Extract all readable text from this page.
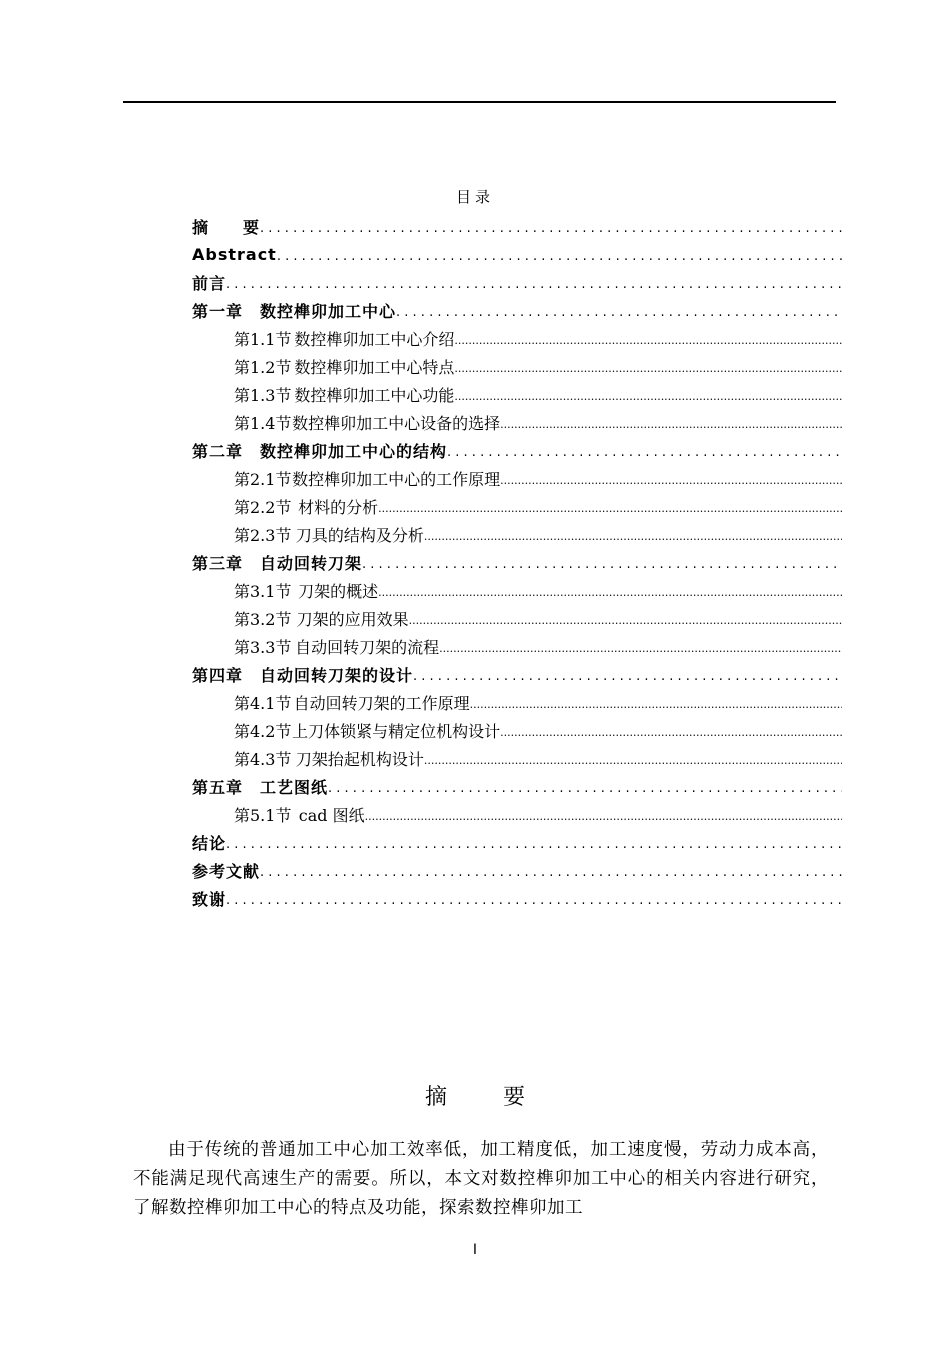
目录
摘　　要
. . .
Abstract
. . .
前言
. . .
第一章　数控榫卯加工中心
. . .
第1.1 节 数控榫卯加工中心介绍
.....
第1.2 节 数控榫卯加工中心特点
.....
第1.3 节 数控榫卯加工中心功能
.....
第1.4 节 数控榫卯加工中心设备的选择
.....
第二章　数控榫卯加工中心的结构
. . .
第2.1 节 数控榫卯加工中心的工作原理
.....
第2.2 节 材料的分析
.....
第2.3 节 刀具的结构及分析
.....
第三章　自动回转刀架
. . .
第3.1 节 刀架的概述
.....
第3.2 节 刀架的应用效果
.....
第3.3 节 自动回转刀架的流程
.....
第四章　自动回转刀架的设计
. . .
第4.1 节 自动回转刀架的工作原理
.....
第4.2 节 上刀体锁紧与精定位机构设计
.....
第4.3 节 刀架抬起机构设计
.....
第五章　工艺图纸
. . .
第5.1 节 cad 图纸
.....
结论
. . .
参考文献
. . .
致谢
. . .
摘	要
由于传统的普通加工中心加工效率低，加工精度低，加工速度慢，劳动力成本高，不能满足现代高速生产的需要。所以，本文对数控榫卯加工中心的相关内容进行研究，了解数控榫卯加工中心的特点及功能，探索数控榫卯加工
I
